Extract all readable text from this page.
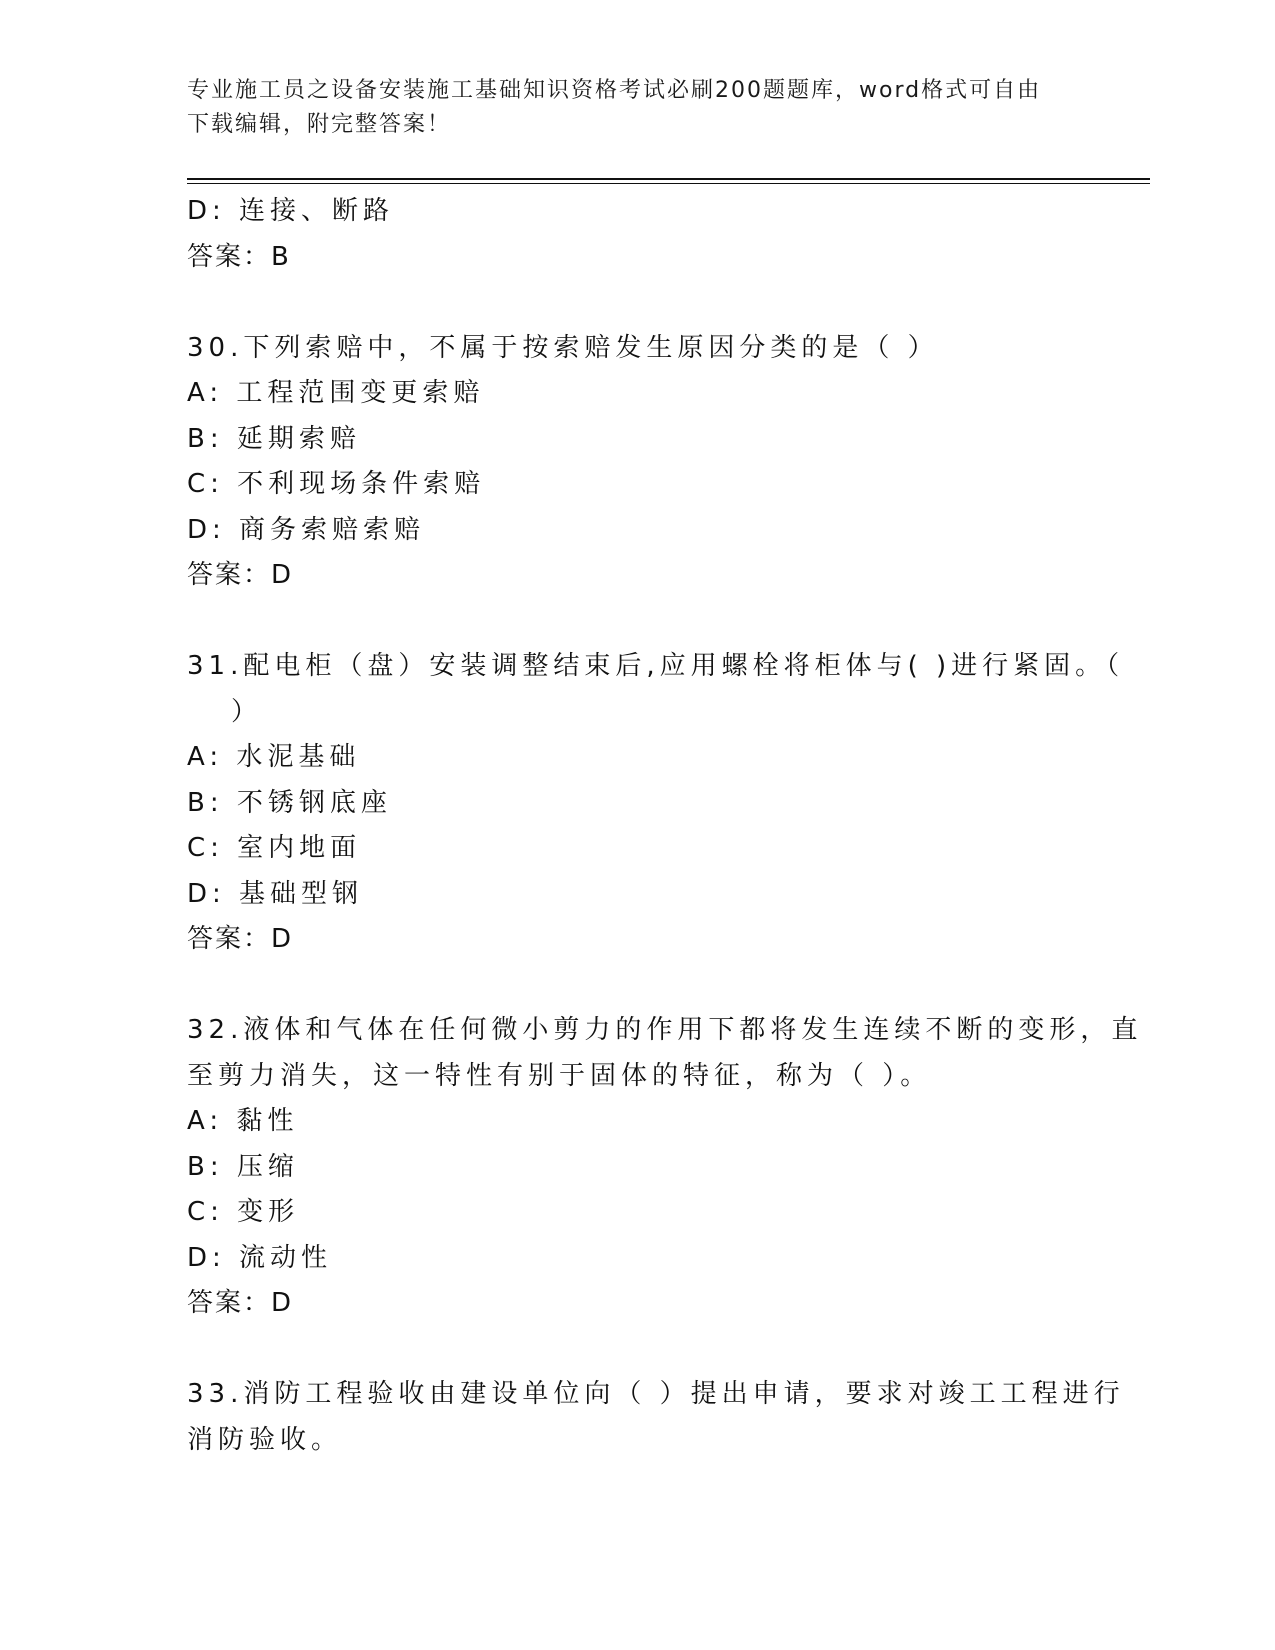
专业施工员之设备安装施工基础知识资格考试必刷200题题库，word格式可自由
下载编辑，附完整答案！
D: 连接、断路
答案：B
30.下列索赔中，不属于按索赔发生原因分类的是（ ）
A: 工程范围变更索赔
B: 延期索赔
C: 不利现场条件索赔
D: 商务索赔索赔
答案：D
31.配电柜（盘）安装调整结束后,应用螺栓将柜体与( )进行紧固。（
）
A: 水泥基础
B: 不锈钢底座
C: 室内地面
D: 基础型钢
答案：D
32.液体和气体在任何微小剪力的作用下都将发生连续不断的变形，直
至剪力消失，这一特性有别于固体的特征，称为（ ）。
A: 黏性
B: 压缩
C: 变形
D: 流动性
答案：D
33.消防工程验收由建设单位向（ ）提出申请，要求对竣工工程进行
消防验收。
